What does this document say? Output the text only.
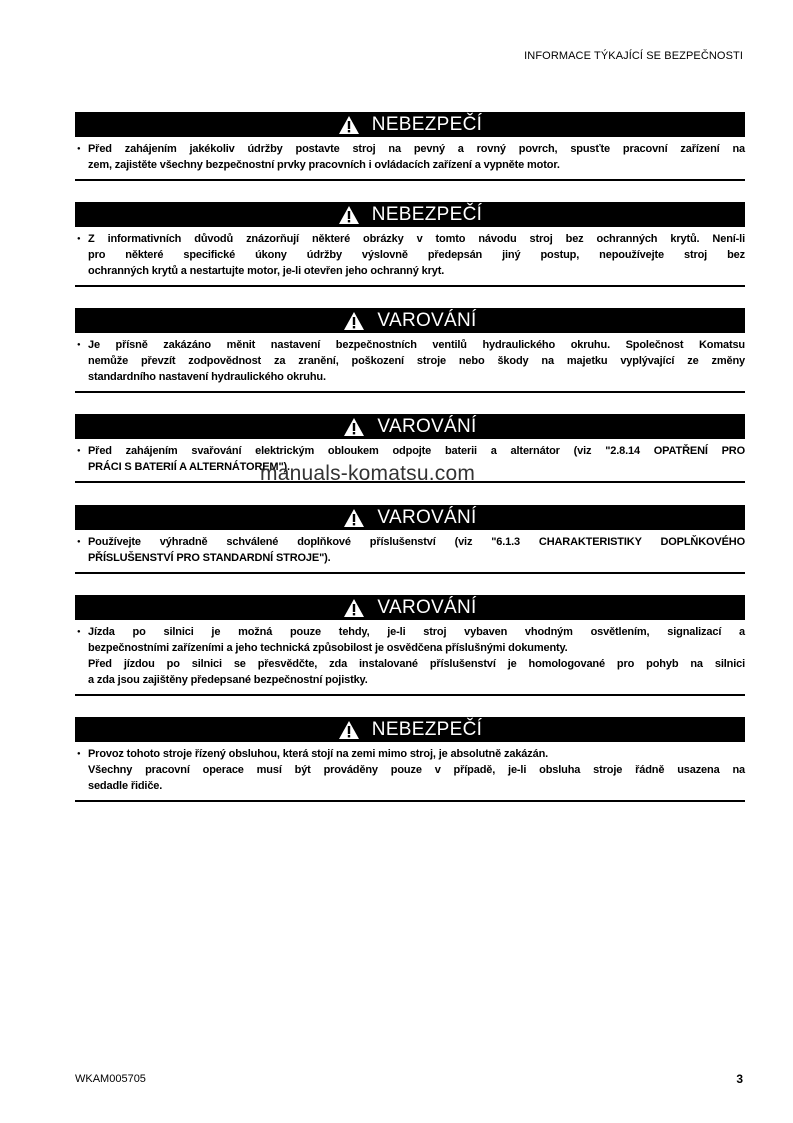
INFORMACE TÝKAJÍCÍ SE BEZPEČNOSTI
NEBEZPEČÍ
● Před zahájením jakékoliv údržby postavte stroj na pevný a rovný povrch, spusťte pracovní zařízení na
zem, zajistěte všechny bezpečnostní prvky pracovních i ovládacích zařízení a vypněte motor.
NEBEZPEČÍ
● Z informativních důvodů znázorňují některé obrázky v tomto návodu stroj bez ochranných krytů. Není-li
pro některé specifické úkony údržby výslovně předepsán jiný postup, nepoužívejte stroj bez
ochranných krytů a nestartujte motor, je-li otevřen jeho ochranný kryt.
VAROVÁNÍ
● Je přísně zakázáno měnit nastavení bezpečnostních ventilů hydraulického okruhu. Společnost Komatsu
nemůže převzít zodpovědnost za zranění, poškození stroje nebo škody na majetku vyplývající ze změny
standardního nastavení hydraulického okruhu.
VAROVÁNÍ
● Před zahájením svařování elektrickým obloukem odpojte baterii a alternátor (viz "2.8.14 OPATŘENÍ PRO
PRÁCI S BATERIÍ A ALTERNÁTOREM").
VAROVÁNÍ
● Používejte výhradně schválené doplňkové příslušenství (viz "6.1.3 CHARAKTERISTIKY DOPLŇKOVÉHO
PŘÍSLUŠENSTVÍ PRO STANDARDNÍ STROJE").
VAROVÁNÍ
● Jízda po silnici je možná pouze tehdy, je-li stroj vybaven vhodným osvětlením, signalizací a
bezpečnostními zařízeními a jeho technická způsobilost je osvědčena příslušnými dokumenty.
Před jízdou po silnici se přesvědčte, zda instalované příslušenství je homologované pro pohyb na silnici
a zda jsou zajištěny předepsané bezpečnostní pojistky.
NEBEZPEČÍ
● Provoz tohoto stroje řízený obsluhou, která stojí na zemi mimo stroj, je absolutně zakázán.
Všechny pracovní operace musí být prováděny pouze v případě, je-li obsluha stroje řádně usazena na
sedadle řidiče.
manuals-komatsu.com
WKAM005705	3
